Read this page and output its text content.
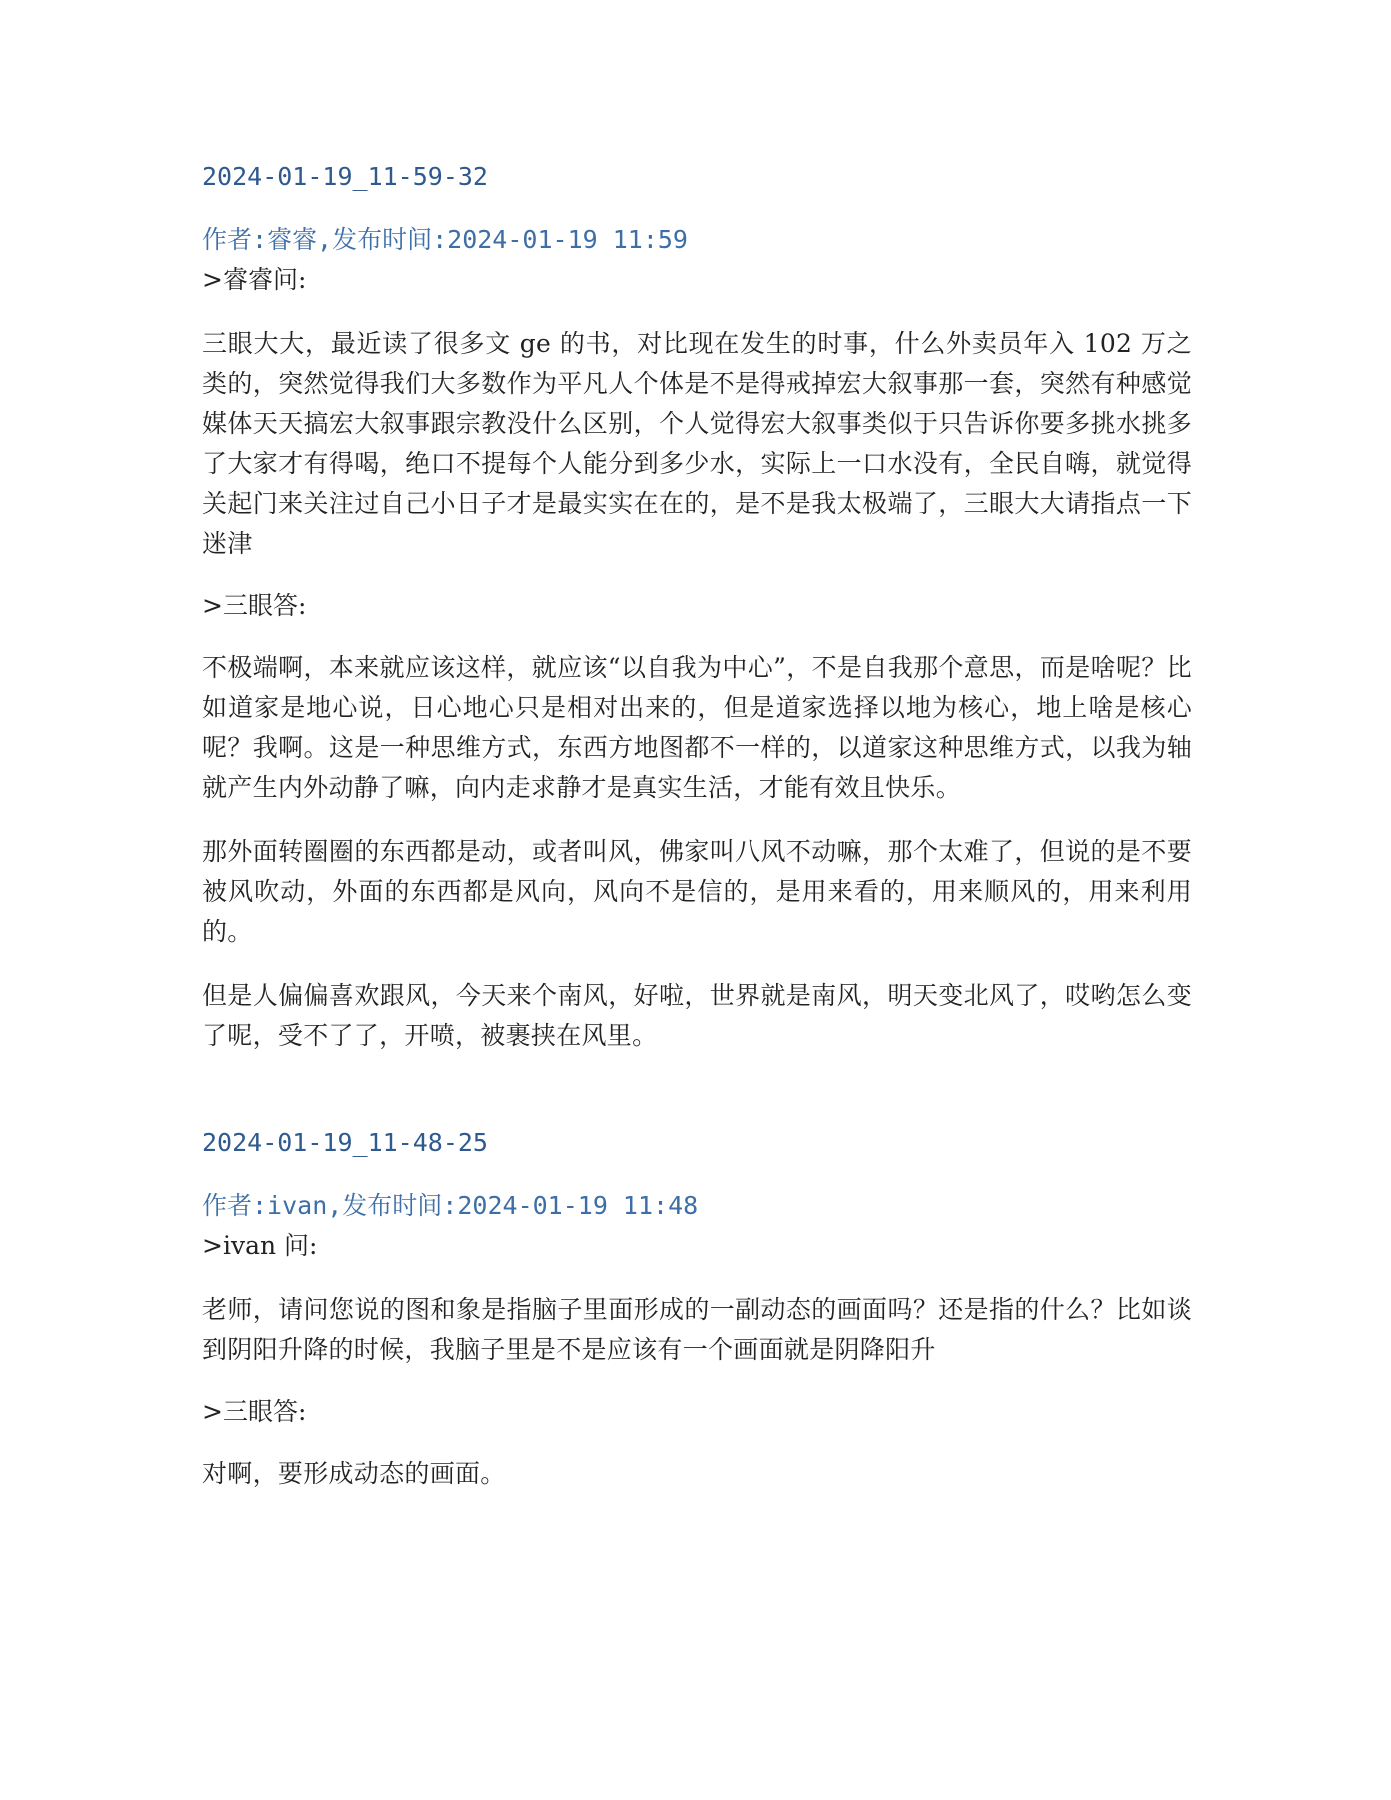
2024-01-19_11-59-32
作者:睿睿,发布时间:2024-01-19 11:59
>睿睿问:

三眼大大，最近读了很多文 ge 的书，对比现在发生的时事，什么外卖员年入 102 万之类的，突然觉得我们大多数作为平凡人个体是不是得戒掉宏大叙事那一套，突然有种感觉媒体天天搞宏大叙事跟宗教没什么区别，个人觉得宏大叙事类似于只告诉你要多挑水挑多了大家才有得喝，绝口不提每个人能分到多少水，实际上一口水没有，全民自嗨，就觉得关起门来关注过自己小日子才是最实实在在的，是不是我太极端了，三眼大大请指点一下迷津

>三眼答:

不极端啊，本来就应该这样，就应该“以自我为中心”，不是自我那个意思，而是啥呢？比如道家是地心说，日心地心只是相对出来的，但是道家选择以地为核心，地上啥是核心呢？我啊。这是一种思维方式，东西方地图都不一样的，以道家这种思维方式，以我为轴就产生内外动静了嘛，向内走求静才是真实生活，才能有效且快乐。

那外面转圈圈的东西都是动，或者叫风，佛家叫八风不动嘛，那个太难了，但说的是不要被风吹动，外面的东西都是风向，风向不是信的，是用来看的，用来顺风的，用来利用的。

但是人偏偏喜欢跟风，今天来个南风，好啦，世界就是南风，明天变北风了，哎哟怎么变了呢，受不了了，开喷，被裹挟在风里。

2024-01-19_11-48-25
作者:ivan,发布时间:2024-01-19 11:48
>ivan 问:

老师，请问您说的图和象是指脑子里面形成的一副动态的画面吗？还是指的什么？比如谈到阴阳升降的时候，我脑子里是不是应该有一个画面就是阴降阳升

>三眼答:

对啊，要形成动态的画面。
